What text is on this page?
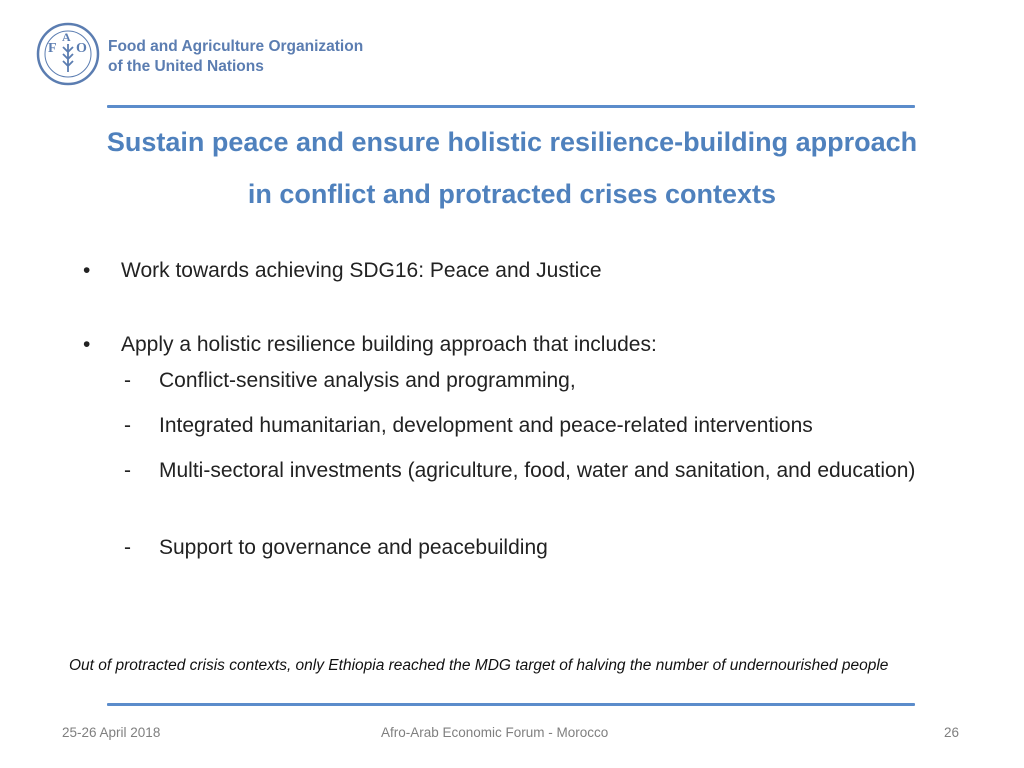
F
A
O Food and Agriculture Organization
of the United Nations
Sustain peace and ensure holistic resilience-building approach
in conflict and protracted crises contexts
•	Work towards achieving SDG16: Peace and Justice
•	Apply a holistic resilience building approach that includes:
-	Conflict-sensitive analysis and programming,
-	Integrated humanitarian, development and peace-related interventions
-	Multi-sectoral investments (agriculture, food, water and sanitation, and education)
-	Support to governance and peacebuilding
Out of protracted crisis contexts, only Ethiopia reached the MDG target of halving the number of undernourished people
25-26 April 2018	Afro-Arab Economic Forum - Morocco	26
